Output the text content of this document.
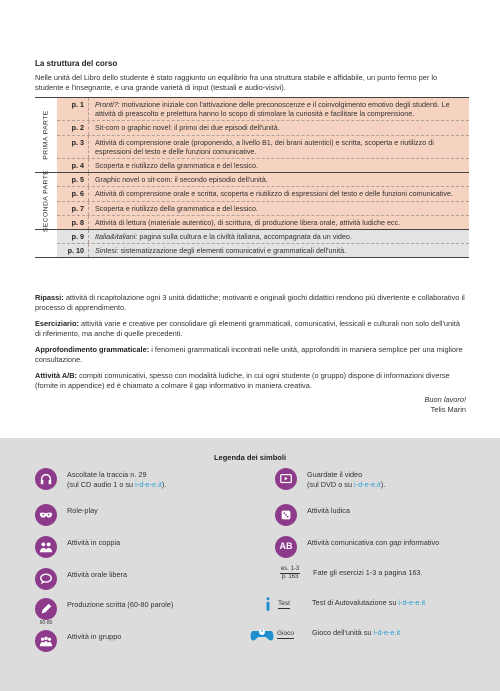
La struttura del corso
Nelle unità del Libro dello studente è stato raggiunto un equilibrio fra una struttura stabile e affidabile, un punto fermo per lo studente e l'insegnante, e una grande varietà di input (testuali e audio-visivi).
PRIMA PARTE
p. 1	Pronti?: motivazione iniziale con l'attivazione delle preconoscenze e il coinvolgimento emotivo degli studenti. Le attività di preascolto e prelettura hanno lo scopo di stimolare la curiosità e facilitare la comprensione.
p. 2	Sit-com o graphic novel: il primo dei due episodi dell'unità.
p. 3	Attività di comprensione orale (proponendo, a livello B1, dei brani autentici) e scritta, scoperta e riutilizzo di espressioni del testo e delle funzioni comunicative.
p. 4	Scoperta e riutilizzo della grammatica e del lessico.
SECONDA PARTE	p. 5	Graphic novel o sit-com: il secondo episodio dell'unità.
p. 6	Attività di comprensione orale e scritta, scoperta e riutilizzo di espressioni del testo e delle funzioni comunicative.
p. 7	Scoperta e riutilizzo della grammatica e del lessico.
p. 8	Attività di lettura (materiale autentico), di scrittura, di produzione libera orale, attività ludiche ecc.
p. 9	Italia&italiani: pagina sulla cultura e la civiltà italiana, accompagnata da un video.
p. 10	Sintesi: sistematizzazione degli elementi comunicativi e grammaticali dell'unità.

Ripassi: attività di ricapitolazione ogni 3 unità didattiche; motivanti e originali giochi didattici rendono più divertente e collaborativo il processo di apprendimento.

Eserciziario: attività varie e creative per consolidare gli elementi grammaticali, comunicativi, lessicali e culturali non solo dell'unità di riferimento, ma anche di quelle precedenti.

Approfondimento grammaticale: i fenomeni grammaticali incontrati nelle unità, approfonditi in maniera semplice per una migliore consultazione.

Attività A/B: compiti comunicativi, spesso con modalità ludiche, in cui ogni studente (o gruppo) dispone di informazioni diverse (fornite in appendice) ed è chiamato a colmare il gap informativo in maniera creativa.

Buon lavoro!
Telis Marin
Legenda dei simboli
Ascoltate la traccia n. 29
(sul CD audio 1 o su i-d-e-e.it).
Role-play
Attività in coppia
Attività orale libera
60-80
Produzione scritta (60-80 parole)
Attività in gruppo
Guardate il video
(sul DVD o su i-d-e-e.it).
Attività ludica
AB	Attività comunicativa con gap informativo
es. 1-3
p. 163	Fate gli esercizi 1-3 a pagina 163.
Test	Test di Autovalutazione su i-d-e-e.it
Gioco Gioco dell'unità su i-d-e-e.it
